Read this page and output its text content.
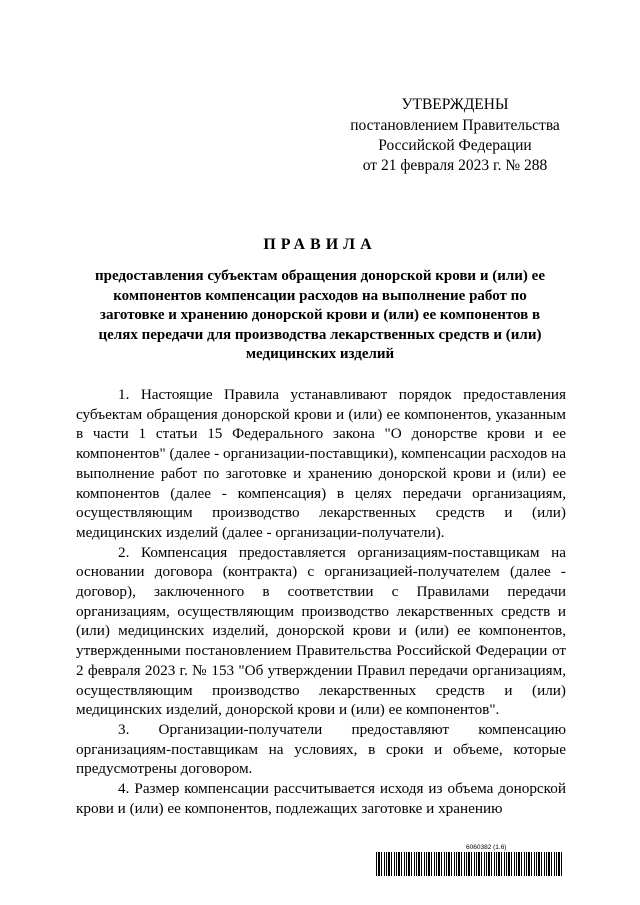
УТВЕРЖДЕНЫ
постановлением Правительства
Российской Федерации
от 21 февраля 2023 г. № 288
ПРАВИЛА
предоставления субъектам обращения донорской крови и (или) ее компонентов компенсации расходов на выполнение работ по заготовке и хранению донорской крови и (или) ее компонентов в целях передачи для производства лекарственных средств и (или) медицинских изделий

1. Настоящие Правила устанавливают порядок предоставления субъектам обращения донорской крови и (или) ее компонентов, указанным в части 1 статьи 15 Федерального закона "О донорстве крови и ее компонентов" (далее - организации-поставщики), компенсации расходов на выполнение работ по заготовке и хранению донорской крови и (или) ее компонентов (далее - компенсация) в целях передачи организациям, осуществляющим производство лекарственных средств и (или) медицинских изделий (далее - организации-получатели).

2. Компенсация предоставляется организациям-поставщикам на основании договора (контракта) с организацией-получателем (далее - договор), заключенного в соответствии с Правилами передачи организациям, осуществляющим производство лекарственных средств и (или) медицинских изделий, донорской крови и (или) ее компонентов, утвержденными постановлением Правительства Российской Федерации от 2 февраля 2023 г. № 153 "Об утверждении Правил передачи организациям, осуществляющим производство лекарственных средств и (или) медицинских изделий, донорской крови и (или) ее компонентов".

3. Организации-получатели предоставляют компенсацию организациям-поставщикам на условиях, в сроки и объеме, которые предусмотрены договором.

4. Размер компенсации рассчитывается исходя из объема донорской крови и (или) ее компонентов, подлежащих заготовке и хранению

6060382 (1.6)
